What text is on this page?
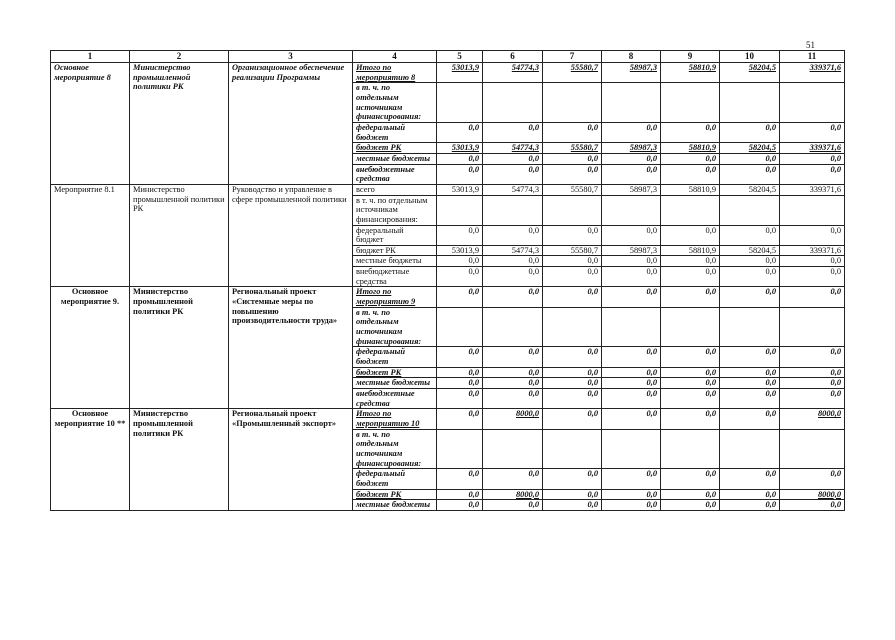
51
1	2	3	4	5	6	7	8	9	10	11
Основное мероприятие 8	Министерство промышленной политики РК	Организационное обеспечение реализации Программы	Итого по мероприятию 8	53013,9	54774,3	55580,7	58987,3	58810,9	58204,5	339371,6
			в т. ч. по отдельным источникам финансирования:							
			федеральный бюджет	0,0	0,0	0,0	0,0	0,0	0,0	0,0
			бюджет РК	53013,9	54774,3	55580,7	58987,3	58810,9	58204,5	339371,6
			местные бюджеты	0,0	0,0	0,0	0,0	0,0	0,0	0,0
			внебюджетные средства	0,0	0,0	0,0	0,0	0,0	0,0	0,0
Мероприятие 8.1	Министерство промышленной политики РК	Руководство и управление в сфере промышленной политики	всего	53013,9	54774,3	55580,7	58987,3	58810,9	58204,5	339371,6
			в т. ч. по отдельным источникам финансирования:							
			федеральный бюджет	0,0	0,0	0,0	0,0	0,0	0,0	0,0
			бюджет РК	53013,9	54774,3	55580,7	58987,3	58810,9	58204,5	339371,6
			местные бюджеты	0,0	0,0	0,0	0,0	0,0	0,0	0,0
			внебюджетные средства	0,0	0,0	0,0	0,0	0,0	0,0	0,0
Основное мероприятие 9.	Министерство промышленной политики РК	Региональный проект «Системные меры по повышению производительности труда»	Итого по мероприятию 9	0,0	0,0	0,0	0,0	0,0	0,0	0,0
			в т. ч. по отдельным источникам финансирования:							
			федеральный бюджет	0,0	0,0	0,0	0,0	0,0	0,0	0,0
			бюджет РК	0,0	0,0	0,0	0,0	0,0	0,0	0,0
			местные бюджеты	0,0	0,0	0,0	0,0	0,0	0,0	0,0
			внебюджетные средства	0,0	0,0	0,0	0,0	0,0	0,0	0,0
Основное мероприятие 10 **	Министерство промышленной политики РК	Региональный проект «Промышленный экспорт»	Итого по мероприятию 10	0,0	8000,0	0,0	0,0	0,0	0,0	8000,0
			в т. ч. по отдельным источникам финансирования:							
			федеральный бюджет	0,0	0,0	0,0	0,0	0,0	0,0	0,0
			бюджет РК	0,0	8000,0	0,0	0,0	0,0	0,0	8000,0
			местные бюджеты	0,0	0,0	0,0	0,0	0,0	0,0	0,0
